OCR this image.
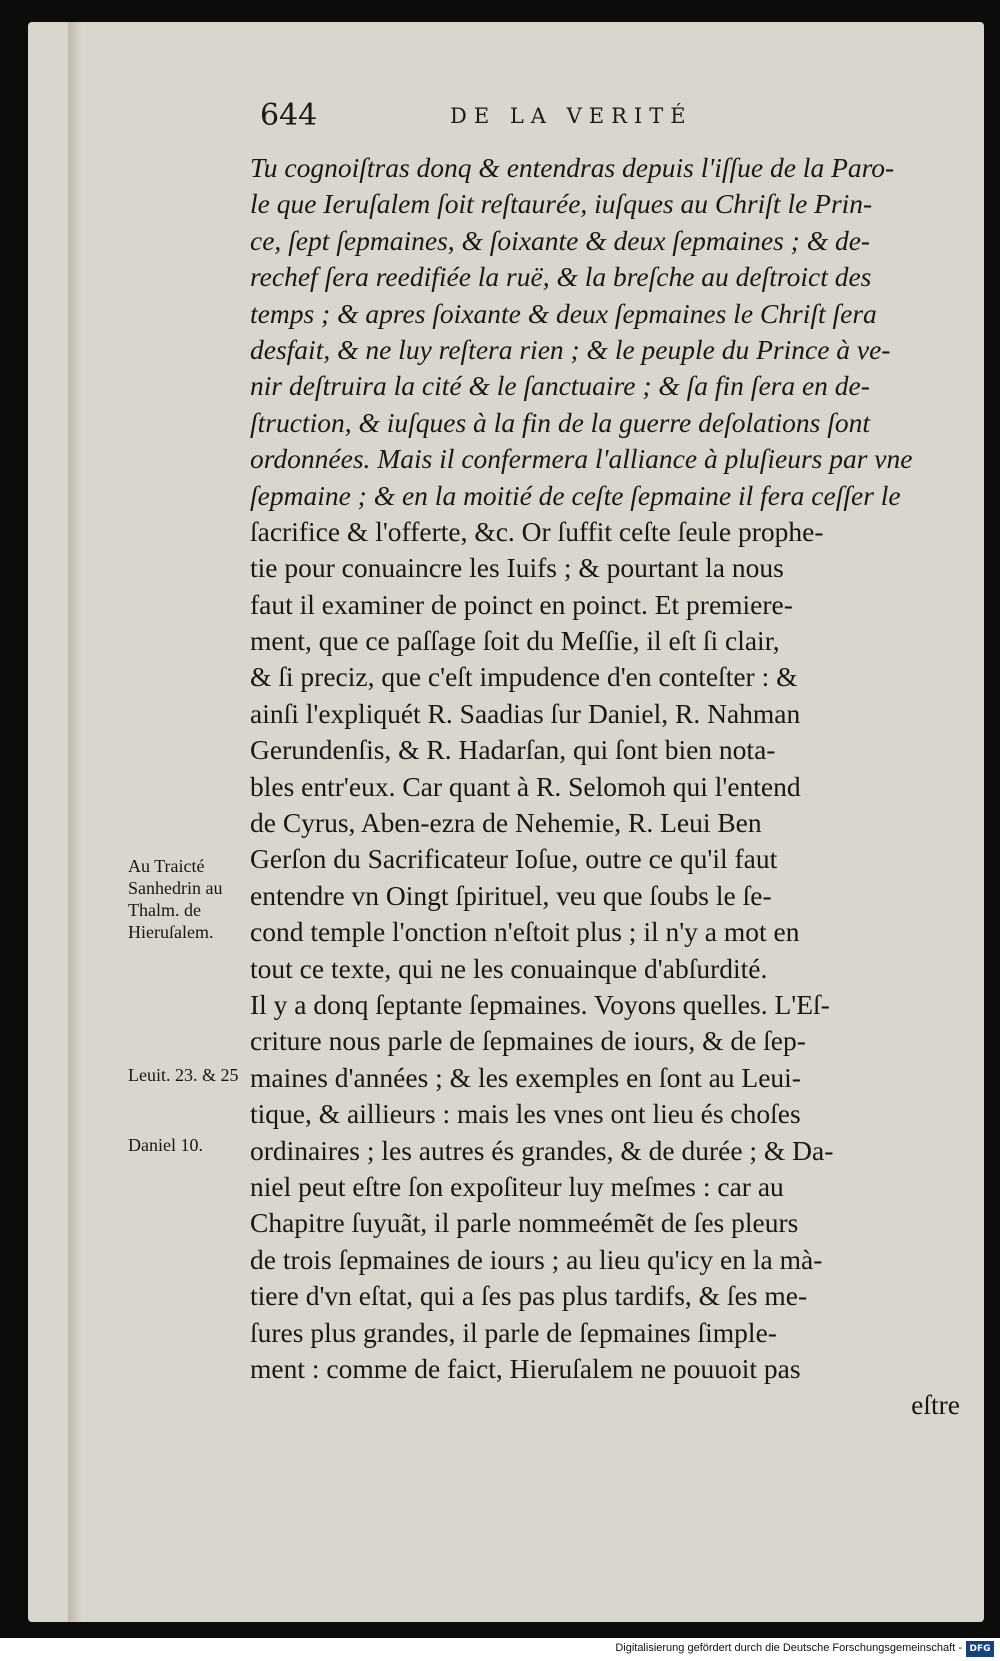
644	DE LA VERITÉ
Tu cognoiſtras donq & entendras depuis l'iſſue de la Paro-
le que Ieruſalem ſoit reſtaurée, iuſques au Chriſt le Prin-
ce, ſept ſepmaines, & ſoixante & deux ſepmaines ; & de-
rechef ſera reedifiée la ruë, & la breſche au deſtroict des
temps ; & apres ſoixante & deux ſepmaines le Chriſt ſera
desfait, & ne luy reſtera rien ; & le peuple du Prince à ve-
nir deſtruira la cité & le ſanctuaire ; & ſa fin ſera en de-
ſtruction, & iuſques à la fin de la guerre deſolations ſont
ordonnées. Mais il confermera l'alliance à pluſieurs par vne
ſepmaine ; & en la moitié de ceſte ſepmaine il fera ceſſer le
ſacrifice & l'offerte, &c. Or ſuffit ceſte ſeule prophe-
tie pour conuaincre les Iuifs ; & pourtant la nous
faut il examiner de poinct en poinct. Et premiere-
ment, que ce paſſage ſoit du Meſſie, il eſt ſi clair,
& ſi preciz, que c'eſt impudence d'en conteſter : &
ainſi l'expliquét R. Saadias ſur Daniel, R. Nahman
Gerundenſis, & R. Hadarſan, qui ſont bien nota-
bles entr'eux. Car quant à R. Selomoh qui l'entend
de Cyrus, Aben-ezra de Nehemie, R. Leui Ben
Gerſon du Sacrificateur Ioſue, outre ce qu'il faut
entendre vn Oingt ſpirituel, veu que ſoubs le ſe-
cond temple l'onction n'eſtoit plus ; il n'y a mot en
tout ce texte, qui ne les conuainque d'abſurdité.
Il y a donq ſeptante ſepmaines. Voyons quelles. L'Eſ-
criture nous parle de ſepmaines de iours, & de ſep-
maines d'années ; & les exemples en ſont au Leui-
tique, & aillieurs : mais les vnes ont lieu és choſes
ordinaires ; les autres és grandes, & de durée ; & Da-
niel peut eſtre ſon expoſiteur luy meſmes : car au
Chapitre ſuyuãt, il parle nommeémẽt de ſes pleurs
de trois ſepmaines de iours ; au lieu qu'icy en la mà-
tiere d'vn eſtat, qui a ſes pas plus tardifs, & ſes me-
ſures plus grandes, il parle de ſepmaines ſimple-
ment : comme de faict, Hieruſalem ne pouuoit pas
eſtre
Au Traicté
Sanhedrin au
Thalm. de
Hieruſalem.
Leuit. 23. & 25
Daniel 10.
Digitalisierung gefördert durch die Deutsche Forschungsgemeinschaft - DFG
